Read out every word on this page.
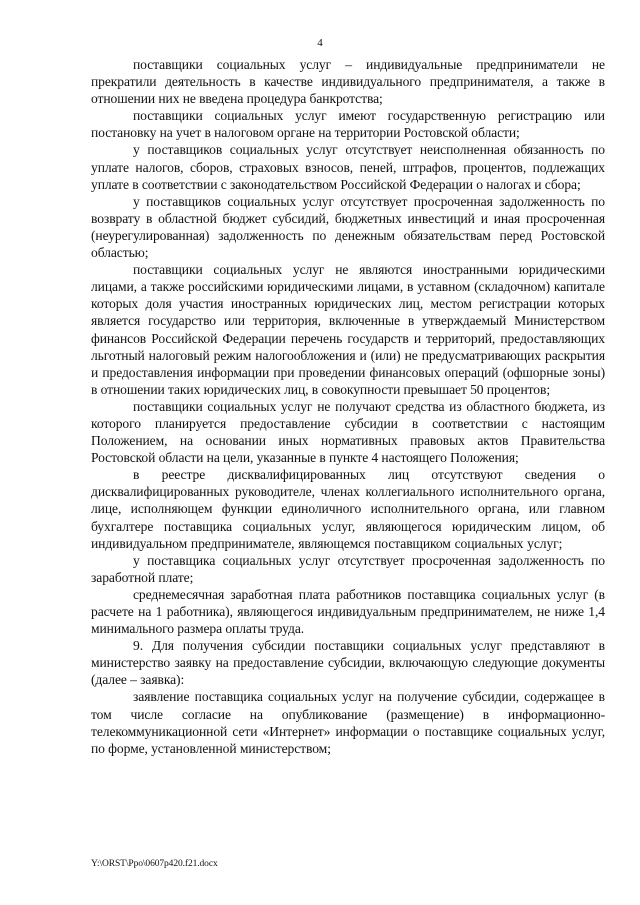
4

поставщики социальных услуг – индивидуальные предприниматели не прекратили деятельность в качестве индивидуального предпринимателя, а также в отношении них не введена процедура банкротства;

поставщики социальных услуг имеют государственную регистрацию или постановку на учет в налоговом органе на территории Ростовской области;

у поставщиков социальных услуг отсутствует неисполненная обязанность по уплате налогов, сборов, страховых взносов, пеней, штрафов, процентов, подлежащих уплате в соответствии с законодательством Российской Федерации о налогах и сбора;

у поставщиков социальных услуг отсутствует просроченная задолженность по возврату в областной бюджет субсидий, бюджетных инвестиций и иная просроченная (неурегулированная) задолженность по денежным обязательствам перед Ростовской областью;

поставщики социальных услуг не являются иностранными юридическими лицами, а также российскими юридическими лицами, в уставном (складочном) капитале которых доля участия иностранных юридических лиц, местом регистрации которых является государство или территория, включенные в утверждаемый Министерством финансов Российской Федерации перечень государств и территорий, предоставляющих льготный налоговый режим налогообложения и (или) не предусматривающих раскрытия и предоставления информации при проведении финансовых операций (офшорные зоны) в отношении таких юридических лиц, в совокупности превышает 50 процентов;

поставщики социальных услуг не получают средства из областного бюджета, из которого планируется предоставление субсидии в соответствии с настоящим Положением, на основании иных нормативных правовых актов Правительства Ростовской области на цели, указанные в пункте 4 настоящего Положения;

в реестре дисквалифицированных лиц отсутствуют сведения о дисквалифицированных руководителе, членах коллегиального исполнительного органа, лице, исполняющем функции единоличного исполнительного органа, или главном бухгалтере поставщика социальных услуг, являющегося юридическим лицом, об индивидуальном предпринимателе, являющемся поставщиком социальных услуг;

у поставщика социальных услуг отсутствует просроченная задолженность по заработной плате;

среднемесячная заработная плата работников поставщика социальных услуг (в расчете на 1 работника), являющегося индивидуальным предпринимателем, не ниже 1,4 минимального размера оплаты труда.

9. Для получения субсидии поставщики социальных услуг представляют в министерство заявку на предоставление субсидии, включающую следующие документы (далее – заявка):

заявление поставщика социальных услуг на получение субсидии, содержащее в том числе согласие на опубликование (размещение) в информационно-телекоммуникационной сети «Интернет» информации о поставщике социальных услуг, по форме, установленной министерством;

Y:\ORST\Ppo\0607p420.f21.docx
